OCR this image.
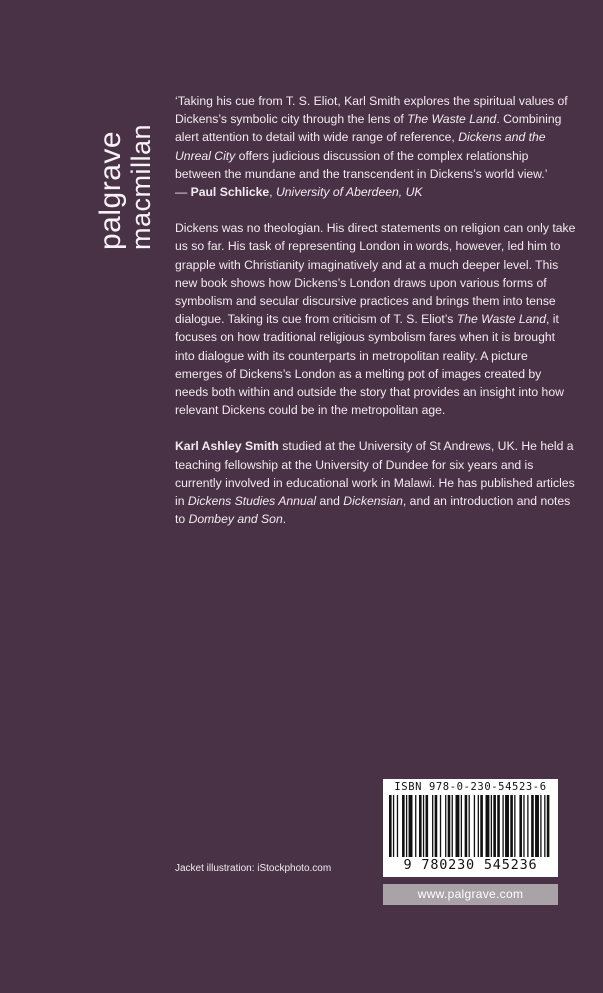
palgrave macmillan

‘Taking his cue from T. S. Eliot, Karl Smith explores the spiritual values of Dickens’s symbolic city through the lens of The Waste Land. Combining alert attention to detail with wide range of reference, Dickens and the Unreal City offers judicious discussion of the complex relationship between the mundane and the transcendent in Dickens’s world view.’
— Paul Schlicke, University of Aberdeen, UK

Dickens was no theologian. His direct statements on religion can only take us so far. His task of representing London in words, however, led him to grapple with Christianity imaginatively and at a much deeper level. This new book shows how Dickens’s London draws upon various forms of symbolism and secular discursive practices and brings them into tense dialogue. Taking its cue from criticism of T. S. Eliot’s The Waste Land, it focuses on how traditional religious symbolism fares when it is brought into dialogue with its counterparts in metropolitan reality. A picture emerges of Dickens’s London as a melting pot of images created by needs both within and outside the story that provides an insight into how relevant Dickens could be in the metropolitan age.

Karl Ashley Smith studied at the University of St Andrews, UK. He held a teaching fellowship at the University of Dundee for six years and is currently involved in educational work in Malawi. He has published articles in Dickens Studies Annual and Dickensian, and an introduction and notes to Dombey and Son.

Jacket illustration: iStockphoto.com
ISBN 978-0-230-54523-6
9 780230 545236
www.palgrave.com
